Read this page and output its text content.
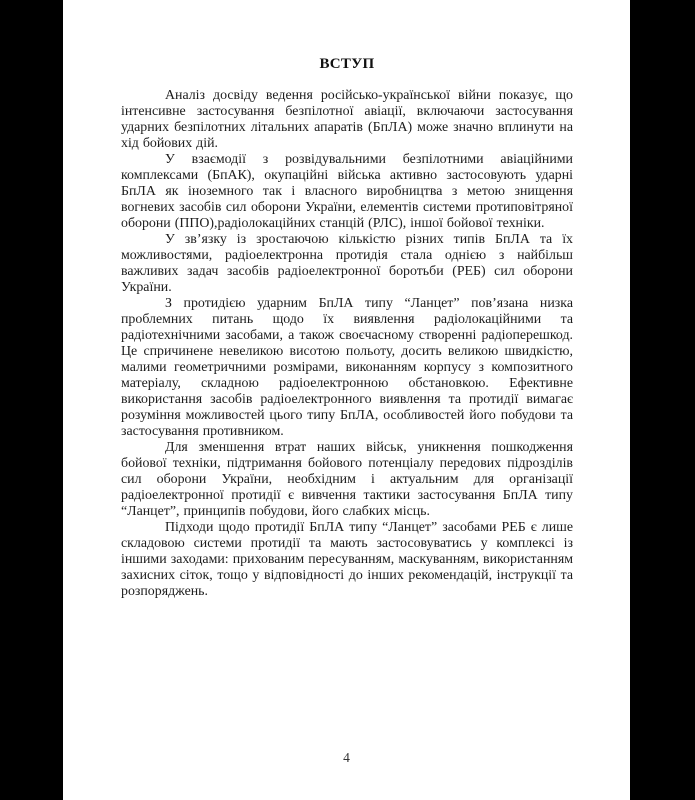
ВСТУП

Аналіз досвіду ведення російсько-української війни показує, що інтенсивне застосування безпілотної авіації, включаючи застосування ударних безпілотних літальних апаратів (БпЛА) може значно вплинути на хід бойових дій.

У взаємодії з розвідувальними безпілотними авіаційними комплексами (БпАК), окупаційні війська активно застосовують ударні БпЛА як іноземного так і власного виробництва з метою знищення вогневих засобів сил оборони України, елементів системи протиповітряної оборони (ППО),радіолокаційних станцій (РЛС), іншої бойової техніки.

У зв’язку із зростаючою кількістю різних типів БпЛА та їх можливостями, радіоелектронна протидія стала однією з найбільш важливих задач засобів радіоелектронної боротьби (РЕБ) сил оборони України.

З протидією ударним БпЛА типу “Ланцет” пов’язана низка проблемних питань щодо їх виявлення радіолокаційними та радіотехнічними засобами, а також своєчасному створенні радіоперешкод. Це спричинене невеликою висотою польоту, досить великою швидкістю, малими геометричними розмірами, виконанням корпусу з композитного матеріалу, складною радіоелектронною обстановкою. Ефективне використання засобів радіоелектронного виявлення та протидії вимагає розуміння можливостей цього типу БпЛА, особливостей його побудови та застосування противником.

Для зменшення втрат наших військ, уникнення пошкодження бойової техніки, підтримання бойового потенціалу передових підрозділів сил оборони України, необхідним і актуальним для організації радіоелектронної протидії є вивчення тактики застосування БпЛА типу “Ланцет”, принципів побудови, його слабких місць.

Підходи щодо протидії БпЛА типу “Ланцет” засобами РЕБ є лише складовою системи протидії та мають застосовуватись у комплексі із іншими заходами: прихованим пересуванням, маскуванням, використанням захисних сіток, тощо у відповідності до інших рекомендацій, інструкції та розпоряджень.

4
